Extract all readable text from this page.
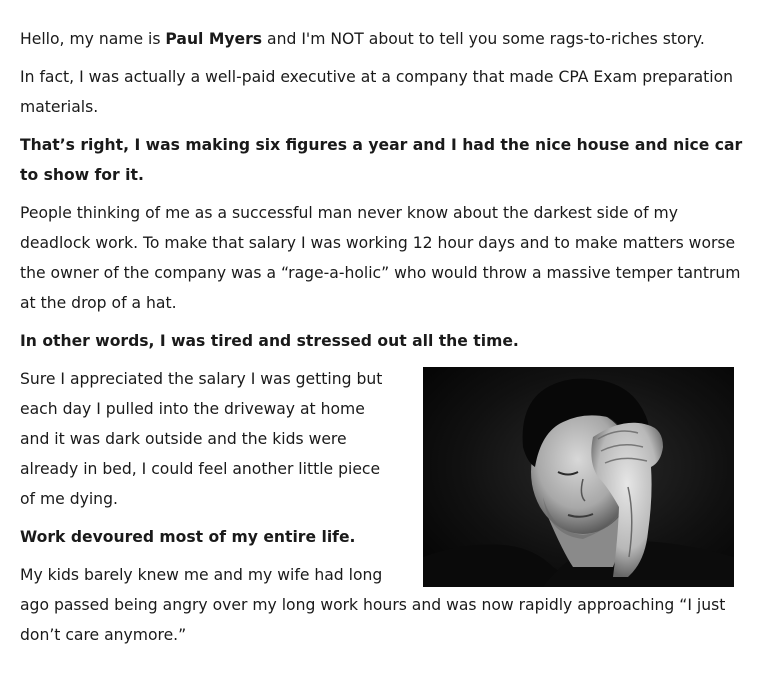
Hello, my name is Paul Myers and I'm NOT about to tell you some rags-to-riches story.

In fact, I was actually a well-paid executive at a company that made CPA Exam preparation materials.

That’s right, I was making six figures a year and I had the nice house and nice car to show for it.

People thinking of me as a successful man never know about the darkest side of my deadlock work. To make that salary I was working 12 hour days and to make matters worse the owner of the company was a “rage-a-holic” who would throw a massive temper tantrum at the drop of a hat.

In other words, I was tired and stressed out all the time.

Sure I appreciated the salary I was getting but each day I pulled into the driveway at home and it was dark outside and the kids were already in bed, I could feel another little piece of me dying.

Work devoured most of my entire life.

My kids barely knew me and my wife had long ago passed being angry over my long work hours and was now rapidly approaching “I just don’t care anymore.”
